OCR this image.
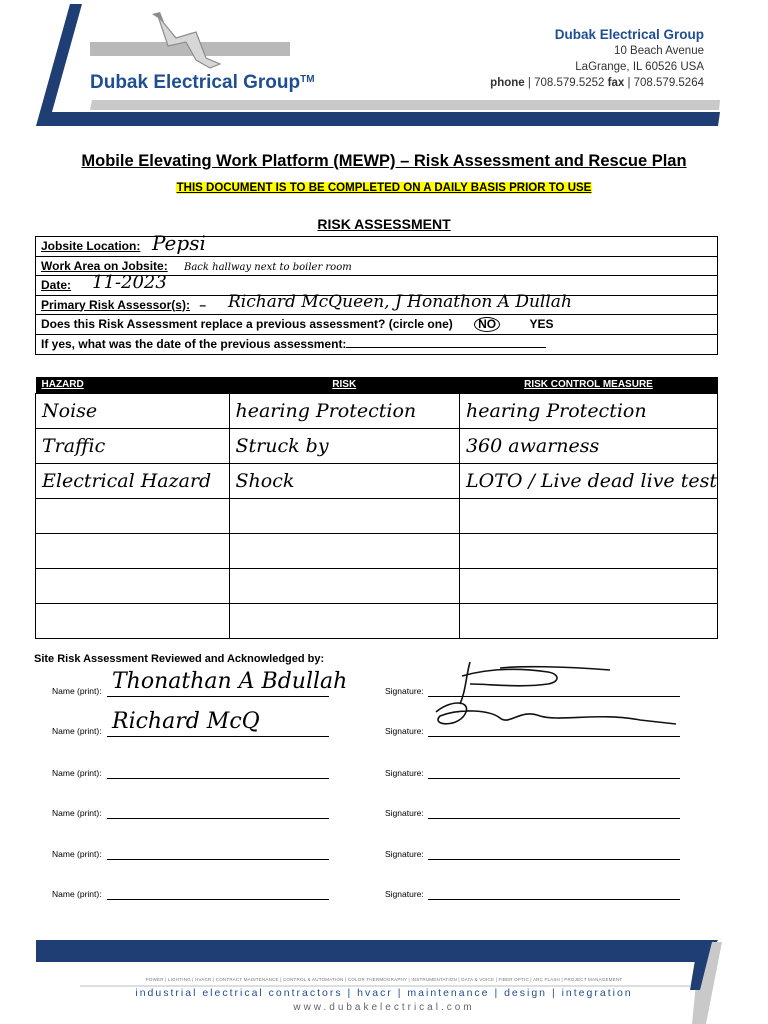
Dubak Electrical Group™
Dubak Electrical Group
10 Beach Avenue
LaGrange, IL 60526 USA
phone | 708.579.5252 fax | 708.579.5264
Mobile Elevating Work Platform (MEWP) – Risk Assessment and Rescue Plan
THIS DOCUMENT IS TO BE COMPLETED ON A DAILY BASIS PRIOR TO USE
RISK ASSESSMENT
Jobsite Location: Pepsi
Work Area on Jobsite: Back hallway next to boiler room
Date: 11-2023
Primary Risk Assessor(s): – Richard McQueen, J Honathon A Dullah
Does this Risk Assessment replace a previous assessment? (circle one) NO	YES
If yes, what was the date of the previous assessment:
HAZARD	RISK	RISK CONTROL MEASURE
Noise	hearing Protection	hearing Protection
Traffic	Struck by	360 awarness
Electrical Hazard	Shock	LOTO / Live dead live test

Site Risk Assessment Reviewed and Acknowledged by:
Name (print): Thonathan A Bdullah	Signature:
Name (print): Richard McQ	Signature:
Name (print):	Signature:
Name (print):	Signature:
Name (print):	Signature:
Name (print):	Signature:
POWER | LIGHTING | HVACR | CONTRACT MAINTENANCE | CONTROL & AUTOMATION | COLOR THERMOGRAPHY | INSTRUMENTATION | DATA & VOICE | FIBER OPTIC | ARC FLASH | PROJECT MANAGEMENT
industrial electrical contractors | hvacr | maintenance | design | integration
www.dubakelectrical.com
